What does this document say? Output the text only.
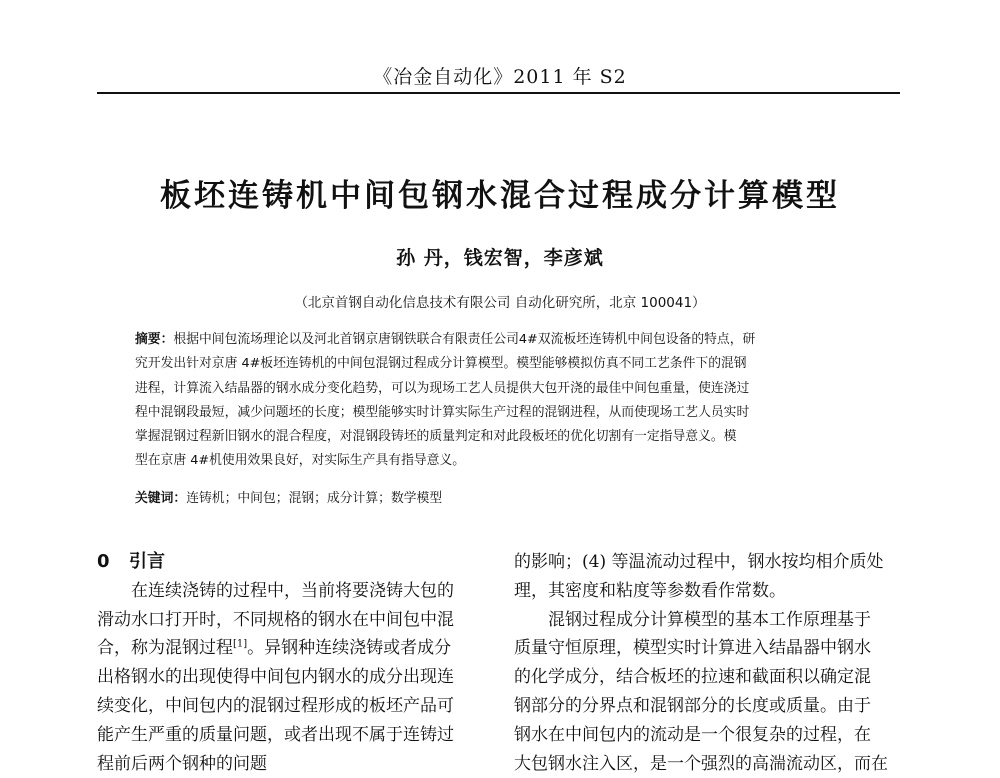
《冶金自动化》2011 年 S2
板坯连铸机中间包钢水混合过程成分计算模型
孙 丹，钱宏智，李彦斌
（北京首钢自动化信息技术有限公司 自动化研究所，北京 100041）
摘要：根据中间包流场理论以及河北首钢京唐钢铁联合有限责任公司4#双流板坯连铸机中间包设备的特点，研
究开发出针对京唐 4#板坯连铸机的中间包混钢过程成分计算模型。模型能够模拟仿真不同工艺条件下的混钢
进程，计算流入结晶器的钢水成分变化趋势，可以为现场工艺人员提供大包开浇的最佳中间包重量，使连浇过
程中混钢段最短，减少问题坯的长度；模型能够实时计算实际生产过程的混钢进程，从而使现场工艺人员实时
掌握混钢过程新旧钢水的混合程度，对混钢段铸坯的质量判定和对此段板坯的优化切割有一定指导意义。模
型在京唐 4#机使用效果良好，对实际生产具有指导意义。
关键词：连铸机；中间包；混钢；成分计算；数学模型
0 引言
在连续浇铸的过程中，当前将要浇铸大包的
滑动水口打开时，不同规格的钢水在中间包中混
合，称为混钢过程[1]。异钢种连续浇铸或者成分
出格钢水的出现使得中间包内钢水的成分出现连
续变化，中间包内的混钢过程形成的板坯产品可
能产生严重的质量问题，或者出现不属于连铸过
程前后两个钢种的问题
的影响；(4) 等温流动过程中，钢水按均相介质处
理，其密度和粘度等参数看作常数。
混钢过程成分计算模型的基本工作原理基于
质量守恒原理，模型实时计算进入结晶器中钢水
的化学成分，结合板坯的拉速和截面积以确定混
钢部分的分界点和混钢部分的长度或质量。由于
钢水在中间包内的流动是一个很复杂的过程，在
大包钢水注入区，是一个强烈的高湍流动区，而在
